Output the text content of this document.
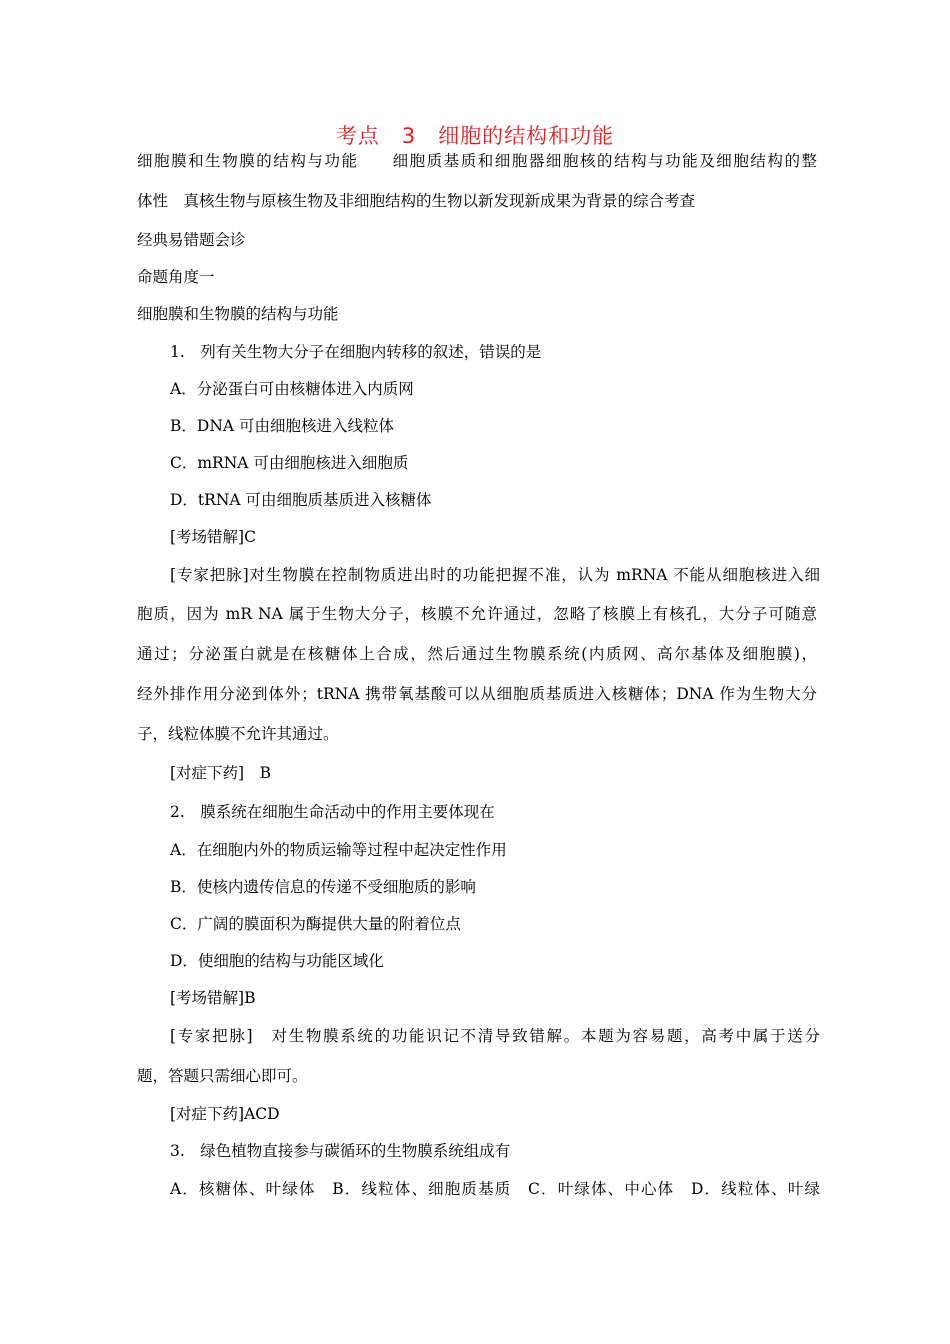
考点　3　细胞的结构和功能
细胞膜和生物膜的结构与功能　　细胞质基质和细胞器细胞核的结构与功能及细胞结构的整
体性　真核生物与原核生物及非细胞结构的生物以新发现新成果为背景的综合考查
经典易错题会诊
命题角度一
细胞膜和生物膜的结构与功能
1.　列有关生物大分子在细胞内转移的叙述，错误的是
A．分泌蛋白可由核糖体进入内质网
B．DNA 可由细胞核进入线粒体
C．mRNA 可由细胞核进入细胞质
D．tRNA 可由细胞质基质进入核糖体
[考场错解]C
[专家把脉]对生物膜在控制物质进出时的功能把握不准，认为 mRNA 不能从细胞核进入细
胞质，因为 mR NA 属于生物大分子，核膜不允许通过，忽略了核膜上有核孔，大分子可随意
通过；分泌蛋白就是在核糖体上合成，然后通过生物膜系统(内质网、高尔基体及细胞膜)，
经外排作用分泌到体外；tRNA 携带氧基酸可以从细胞质基质进入核糖体；DNA 作为生物大分
子，线粒体膜不允许其通过。
[对症下药]　B
2.　膜系统在细胞生命活动中的作用主要体现在
A．在细胞内外的物质运输等过程中起决定性作用
B．使核内遗传信息的传递不受细胞质的影响
C．广阔的膜面积为酶提供大量的附着位点
D．使细胞的结构与功能区域化
[考场错解]B
[专家把脉]　对生物膜系统的功能识记不清导致错解。本题为容易题，高考中属于送分
题，答题只需细心即可。
[对症下药]ACD
3.　绿色植物直接参与碳循环的生物膜系统组成有
A．核糖体、叶绿体　B．线粒体、细胞质基质　C．叶绿体、中心体　D．线粒体、叶绿
